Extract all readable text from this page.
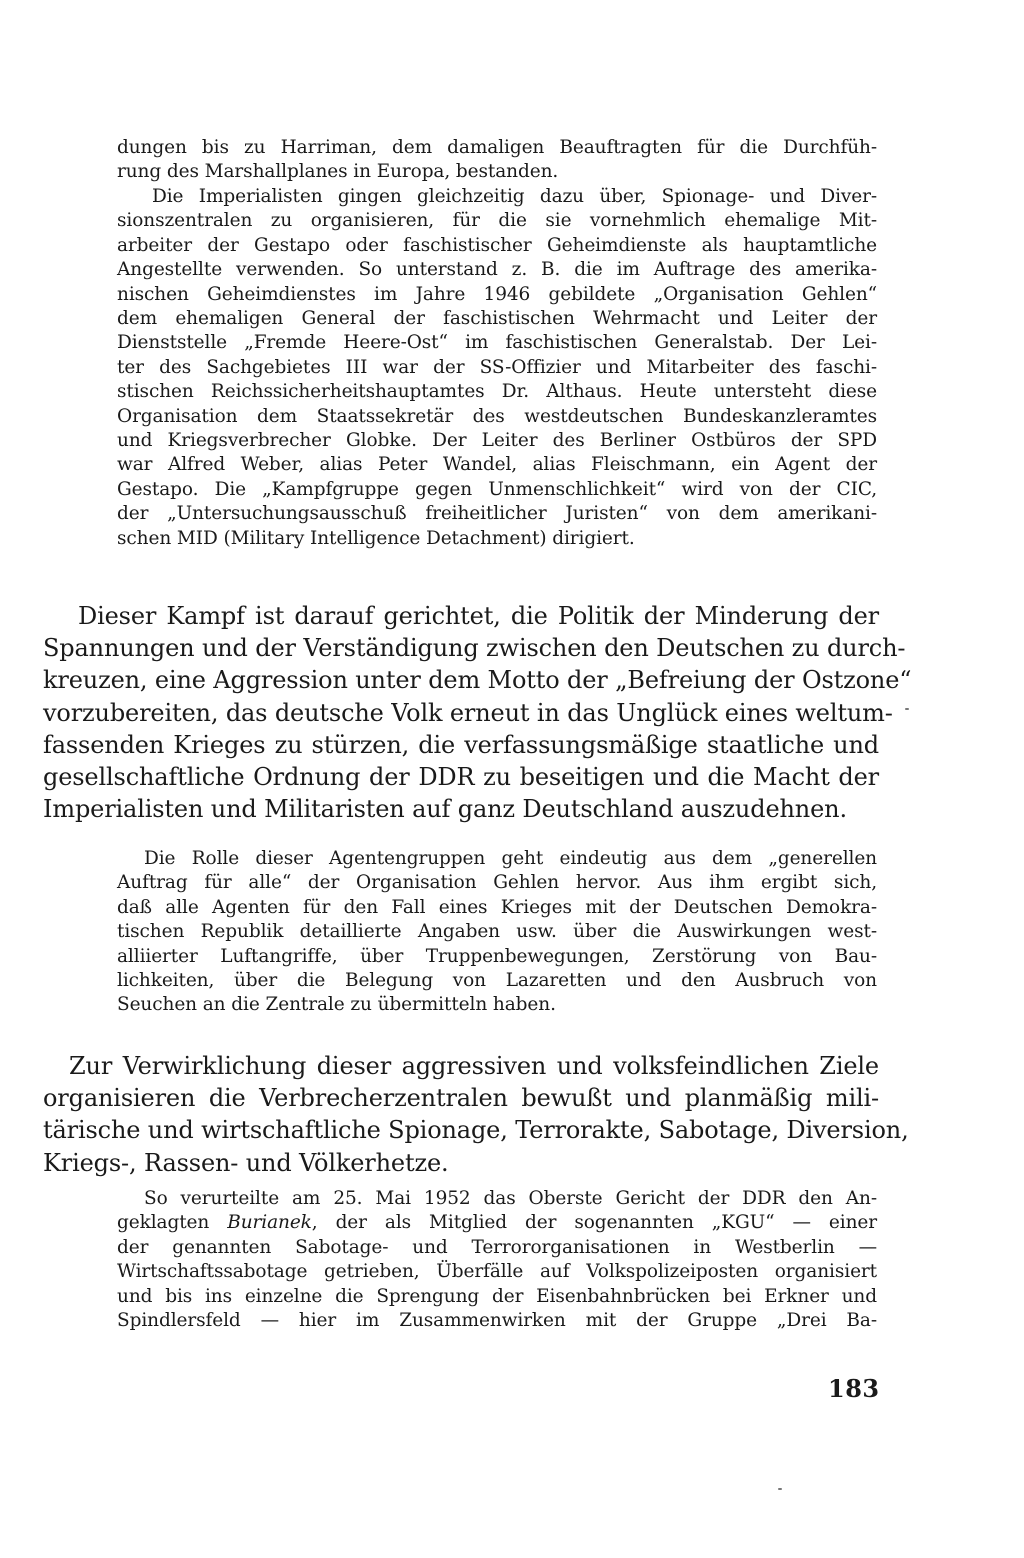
dungen bis zu Harriman, dem damaligen Beauftragten für die Durchfüh-
rung des Marshallplanes in Europa, bestanden.
Die Imperialisten gingen gleichzeitig dazu über, Spionage- und Diver-
sionszentralen zu organisieren, für die sie vornehmlich ehemalige Mit-
arbeiter der Gestapo oder faschistischer Geheimdienste als hauptamtliche
Angestellte verwenden. So unterstand z. B. die im Auftrage des amerika-
nischen Geheimdienstes im Jahre 1946 gebildete „Organisation Gehlen“
dem ehemaligen General der faschistischen Wehrmacht und Leiter der
Dienststelle „Fremde Heere-Ost“ im faschistischen Generalstab. Der Lei-
ter des Sachgebietes III war der SS-Offizier und Mitarbeiter des faschi-
stischen Reichssicherheitshauptamtes Dr. Althaus. Heute untersteht diese
Organisation dem Staatssekretär des westdeutschen Bundeskanzleramtes
und Kriegsverbrecher Globke. Der Leiter des Berliner Ostbüros der SPD
war Alfred Weber, alias Peter Wandel, alias Fleischmann, ein Agent der
Gestapo. Die „Kampfgruppe gegen Unmenschlichkeit“ wird von der CIC,
der „Untersuchungsausschuß freiheitlicher Juristen“ von dem amerikani-
schen MID (Military Intelligence Detachment) dirigiert.
Dieser Kampf ist darauf gerichtet, die Politik der Minderung der
Spannungen und der Verständigung zwischen den Deutschen zu durch-
kreuzen, eine Aggression unter dem Motto der „Befreiung der Ostzone“
vorzubereiten, das deutsche Volk erneut in das Unglück eines weltum-
fassenden Krieges zu stürzen, die verfassungsmäßige staatliche und
gesellschaftliche Ordnung der DDR zu beseitigen und die Macht der
Imperialisten und Militaristen auf ganz Deutschland auszudehnen.
Die Rolle dieser Agentengruppen geht eindeutig aus dem „generellen
Auftrag für alle“ der Organisation Gehlen hervor. Aus ihm ergibt sich,
daß alle Agenten für den Fall eines Krieges mit der Deutschen Demokra-
tischen Republik detaillierte Angaben usw. über die Auswirkungen west-
alliierter Luftangriffe, über Truppenbewegungen, Zerstörung von Bau-
lichkeiten, über die Belegung von Lazaretten und den Ausbruch von
Seuchen an die Zentrale zu übermitteln haben.
Zur Verwirklichung dieser aggressiven und volksfeindlichen Ziele
organisieren die Verbrecherzentralen bewußt und planmäßig mili-
tärische und wirtschaftliche Spionage, Terrorakte, Sabotage, Diversion,
Kriegs-, Rassen- und Völkerhetze.
So verurteilte am 25. Mai 1952 das Oberste Gericht der DDR den An-
geklagten Burianek, der als Mitglied der sogenannten „KGU“ — einer
der genannten Sabotage- und Terrororganisationen in Westberlin —
Wirtschaftssabotage getrieben, Überfälle auf Volkspolizeiposten organisiert
und bis ins einzelne die Sprengung der Eisenbahnbrücken bei Erkner und
Spindlersfeld — hier im Zusammenwirken mit der Gruppe „Drei Ba-
183
